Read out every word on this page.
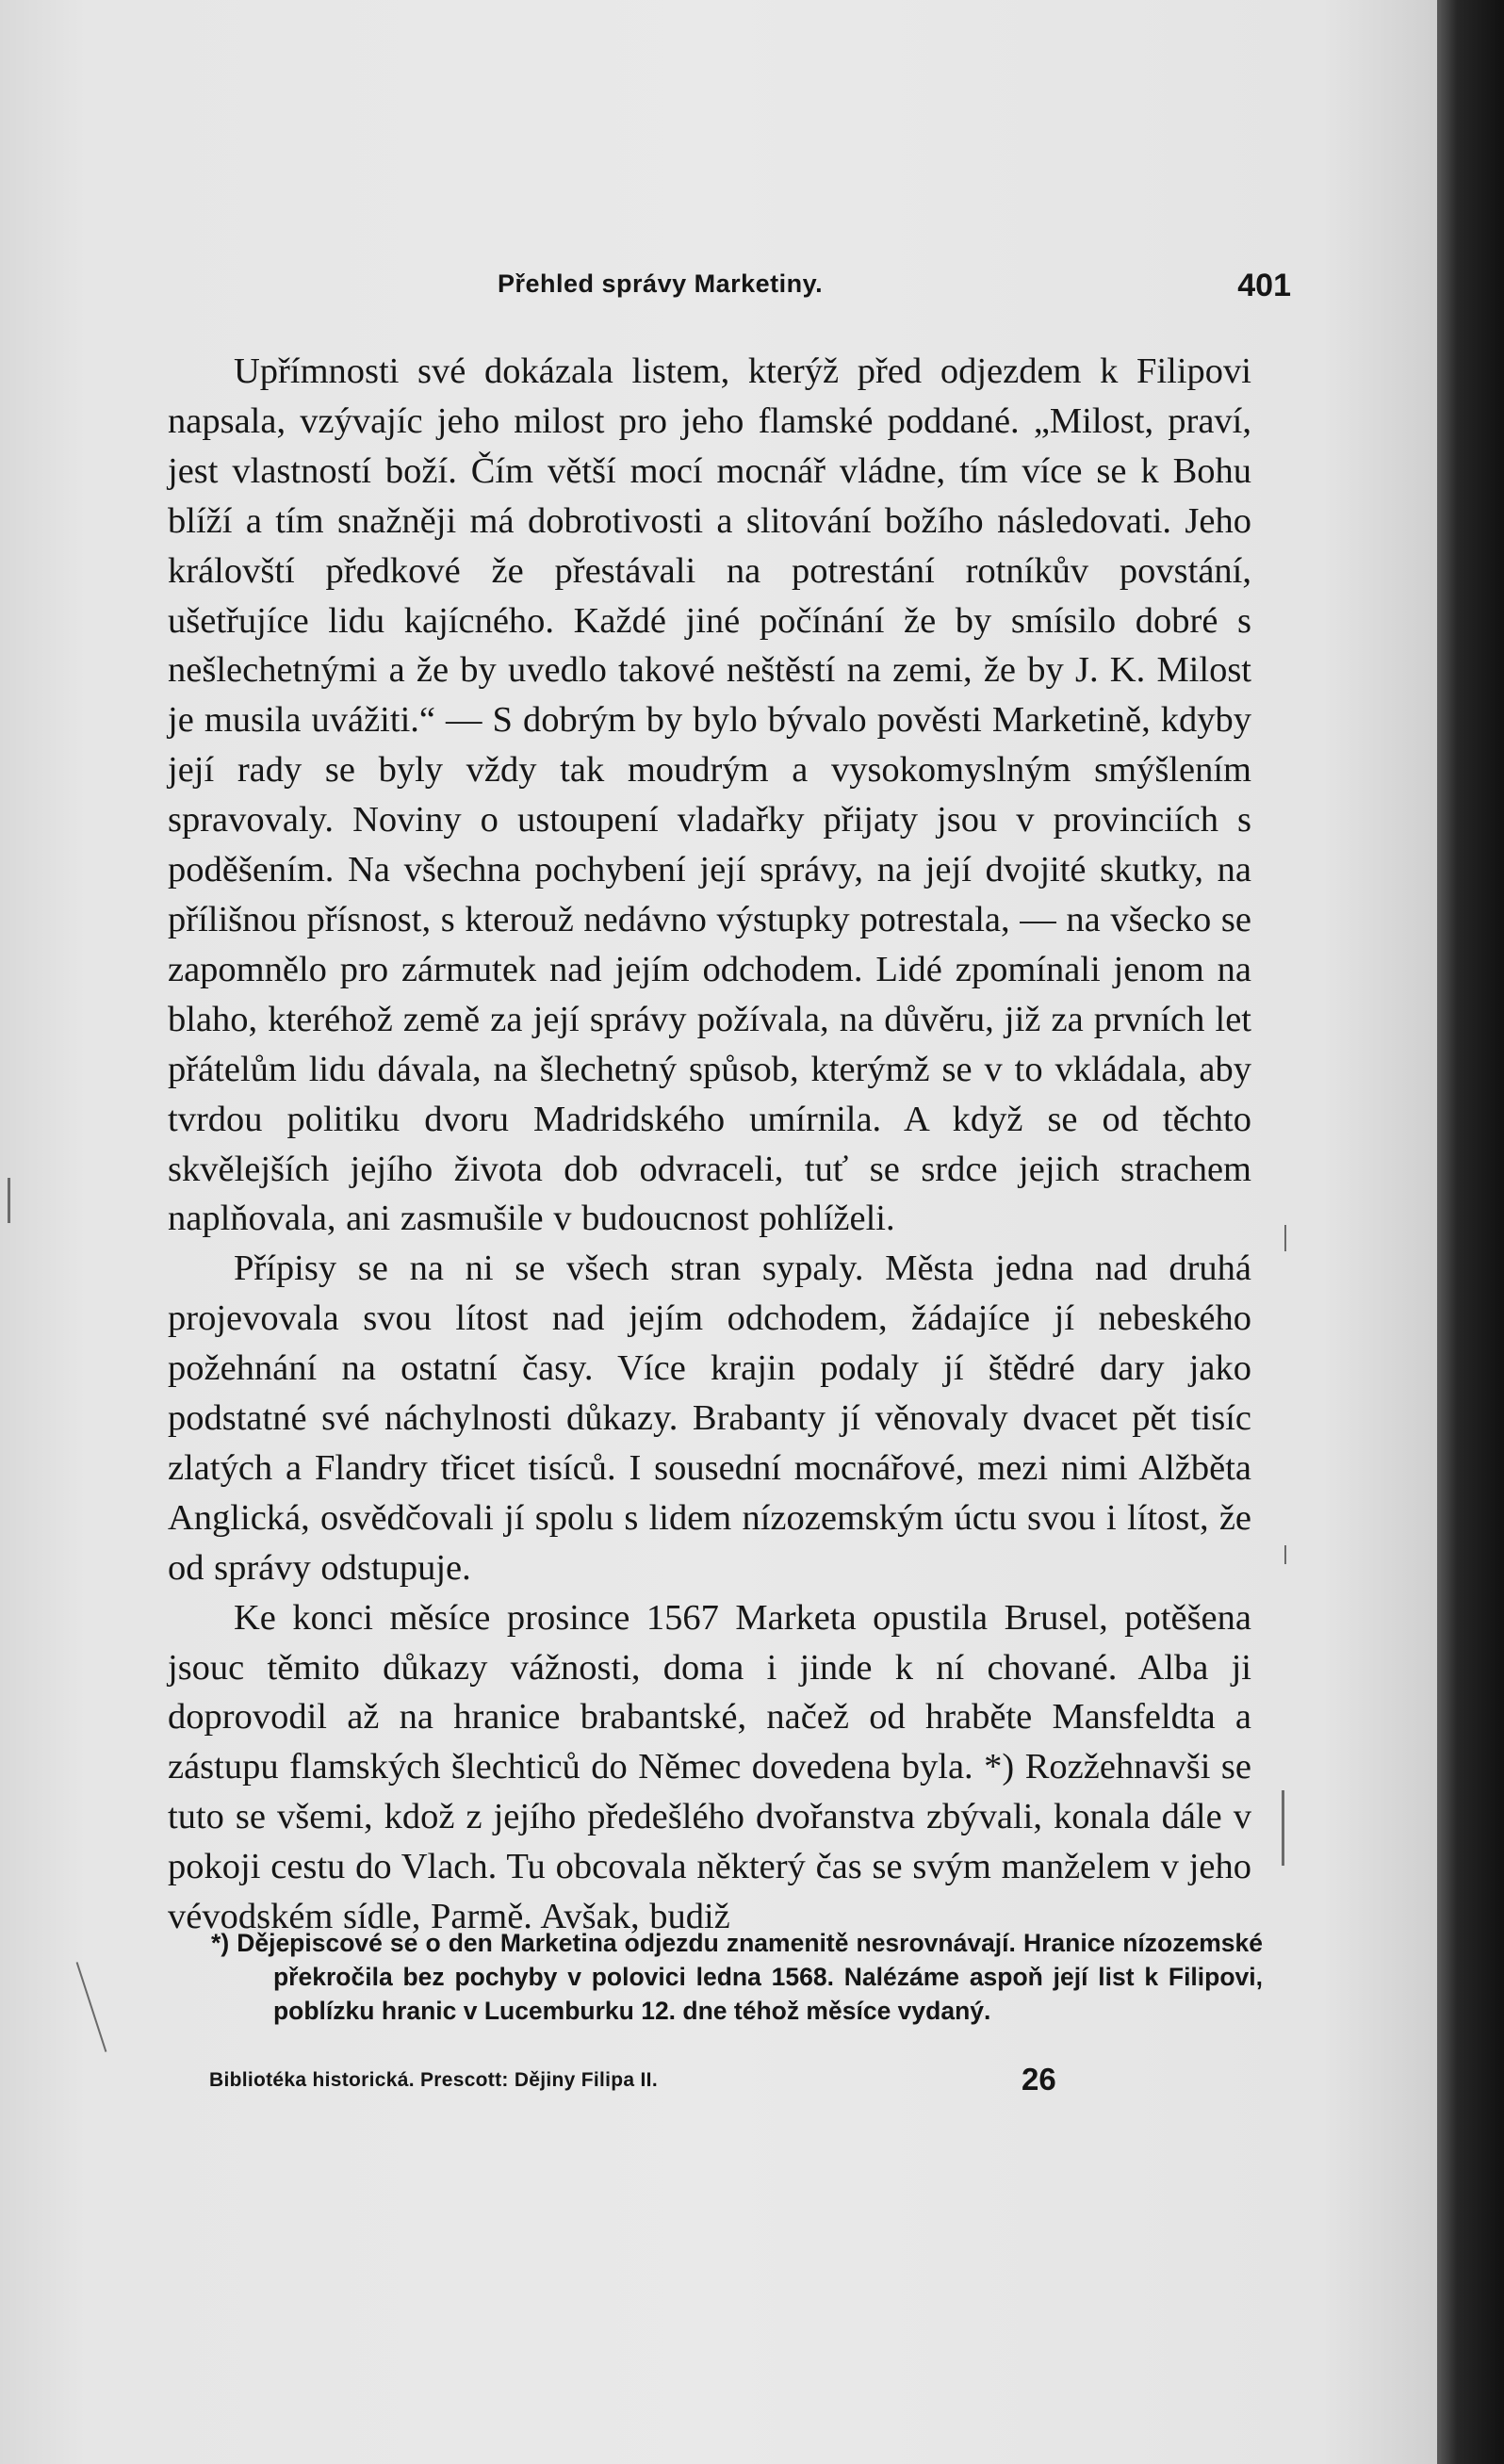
Přehled správy Marketiny.	401

Upřímnosti své dokázala listem, kterýž před odjezdem k Filipovi napsala, vzývajíc jeho milost pro jeho flamské poddané. „Milost, praví, jest vlastností boží. Čím větší mocí mocnář vládne, tím více se k Bohu blíží a tím snažněji má dobrotivosti a slitování božího následovati. Jeho královští předkové že přestávali na potrestání rotníkův povstání, ušetřujíce lidu kajícného. Každé jiné počínání že by smísilo dobré s nešlechetnými a že by uvedlo takové neštěstí na zemi, že by J. K. Milost je musila uvážiti.“ — S dobrým by bylo bývalo pověsti Marketině, kdyby její rady se byly vždy tak moudrým a vysokomyslným smýšlením spravovaly. Noviny o ustoupení vladařky přijaty jsou v provinciích s poděšením. Na všechna pochybení její správy, na její dvojité skutky, na přílišnou přísnost, s kterouž nedávno výstupky potrestala, — na všecko se zapomnělo pro zármutek nad jejím odchodem. Lidé zpomínali jenom na blaho, kteréhož země za její správy požívala, na důvěru, již za prvních let přátelům lidu dávala, na šlechetný spůsob, kterýmž se v to vkládala, aby tvrdou politiku dvoru Madridského umírnila. A když se od těchto skvělejších jejího života dob odvraceli, tuť se srdce jejich strachem naplňovala, ani zasmušile v budoucnost pohlíželi.

Přípisy se na ni se všech stran sypaly. Města jedna nad druhá projevovala svou lítost nad jejím odchodem, žádajíce jí nebeského požehnání na ostatní časy. Více krajin podaly jí štědré dary jako podstatné své náchylnosti důkazy. Brabanty jí věnovaly dvacet pět tisíc zlatých a Flandry třicet tisíců. I sousední mocnářové, mezi nimi Alžběta Anglická, osvědčovali jí spolu s lidem nízozemským úctu svou i lítost, že od správy odstupuje.

Ke konci měsíce prosince 1567 Marketa opustila Brusel, potěšena jsouc těmito důkazy vážnosti, doma i jinde k ní chované. Alba ji doprovodil až na hranice brabantské, načež od hraběte Mansfeldta a zástupu flamských šlechticů do Němec dovedena byla. *) Rozžehnavši se tuto se všemi, kdož z jejího předešlého dvořanstva zbývali, konala dále v pokoji cestu do Vlach. Tu obcovala některý čas se svým manželem v jeho vévodském sídle, Parmě. Avšak, budiž

*) Dějepiscové se o den Marketina odjezdu znamenitě nesrovnávají. Hranice nízozemské překročila bez pochyby v polovici ledna 1568. Nalézáme aspoň její list k Filipovi, poblízku hranic v Lucemburku 12. dne téhož měsíce vydaný.

Bibliotéka historická. Prescott: Dějiny Filipa II.	26
